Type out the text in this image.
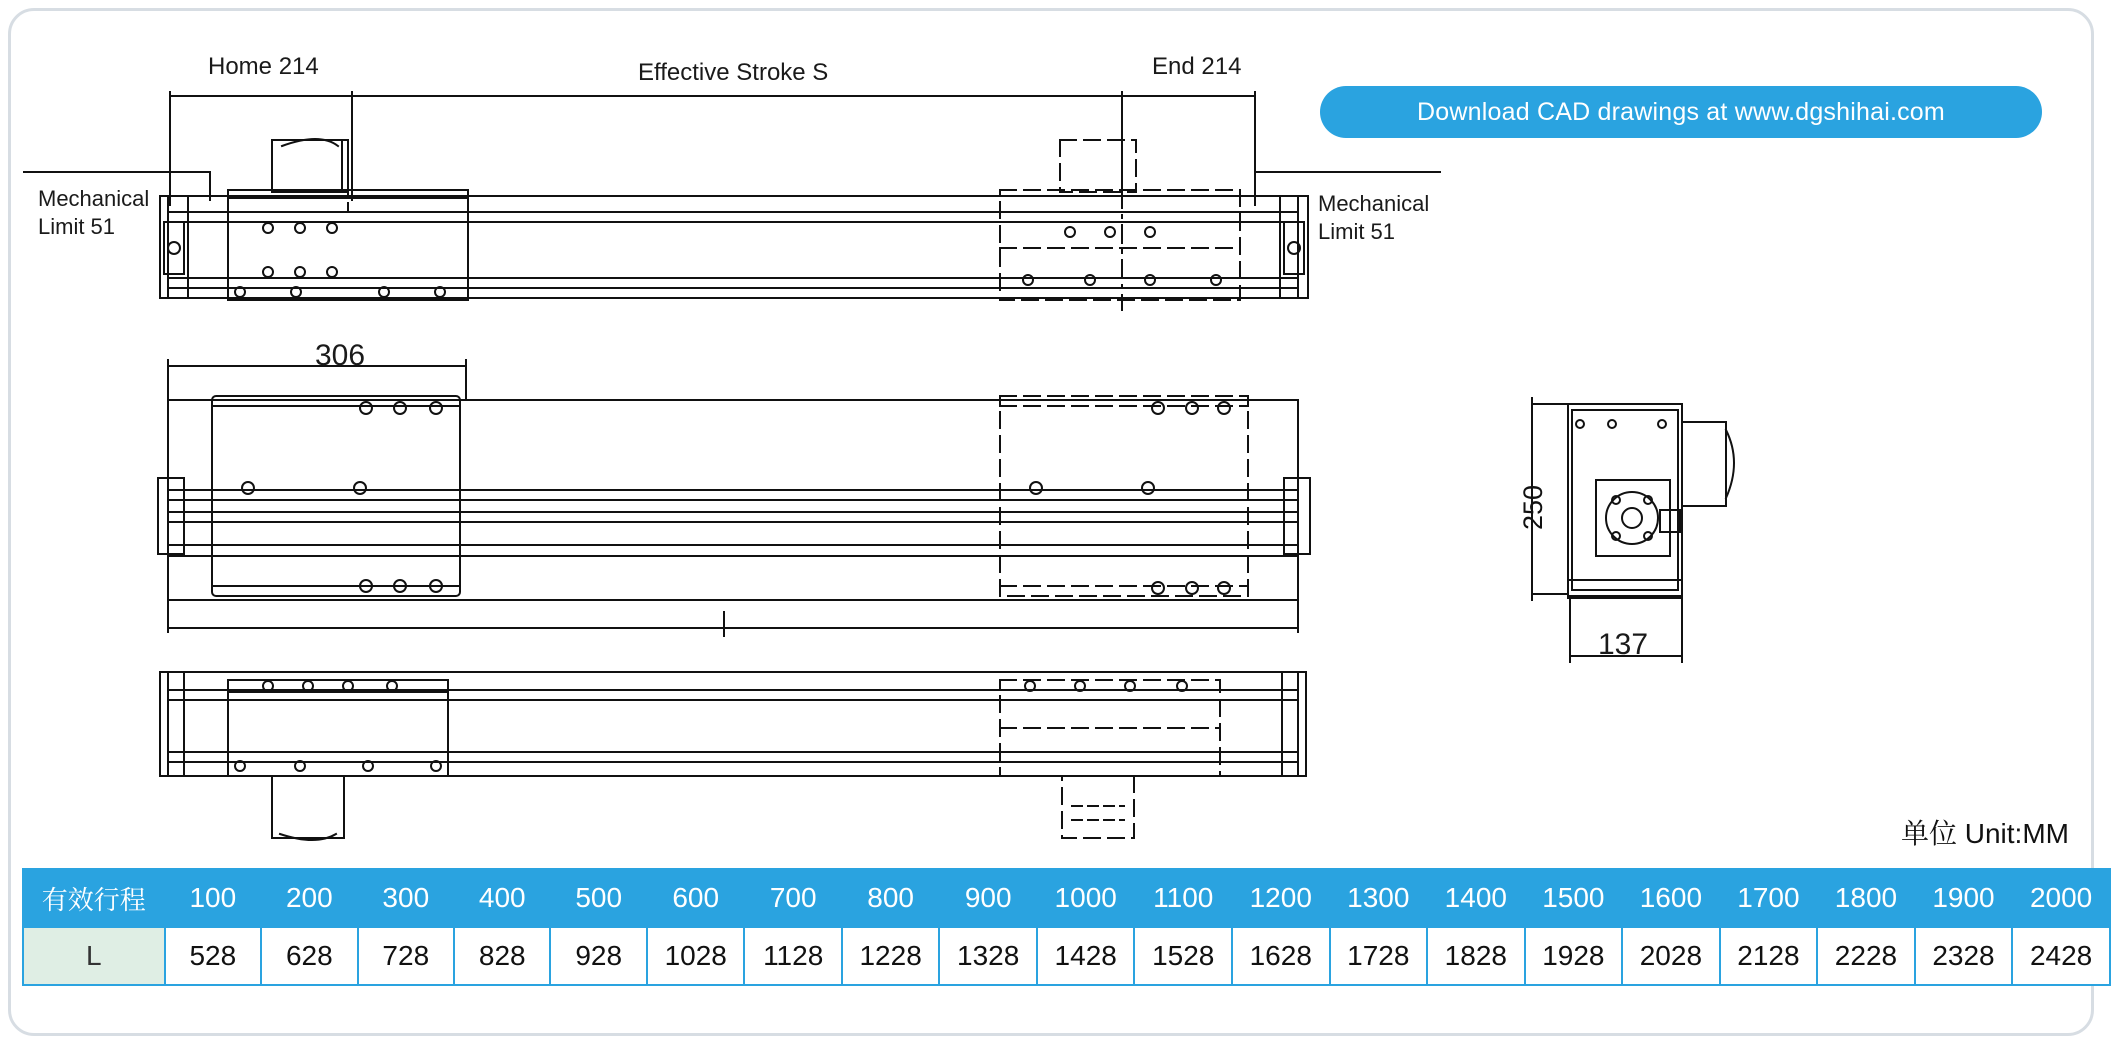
Home 214	Effective Stroke S	End 214
Mechanical
Limit 51
Mechanical
Limit 51
306
250
137
Download CAD drawings at www.dgshihai.com
单位 Unit:MM
有效行程	100	200	300	400	500	600	700	800	900	1000	1100	1200	1300	1400	1500	1600	1700	1800	1900	2000
L	528	628	728	828	928	1028	1128	1228	1328	1428	1528	1628	1728	1828	1928	2028	2128	2228	2328	2428
